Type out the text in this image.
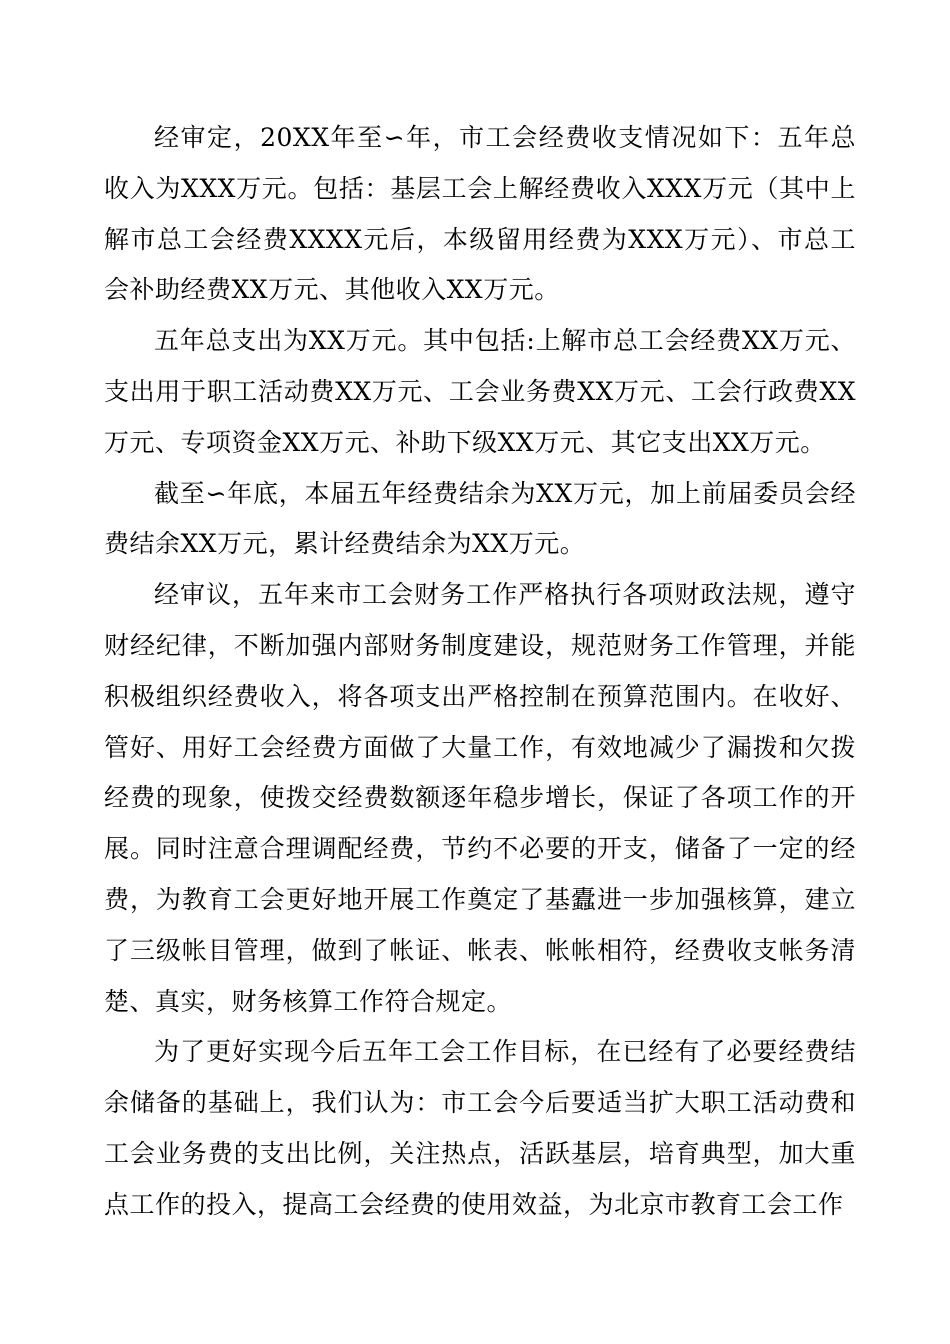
经审定，20XX年至∽年，市工会经费收支情况如下：五年总收入为XXX万元。包括：基层工会上解经费收入XXX万元（其中上解市总工会经费XXXX元后，本级留用经费为XXX万元）、市总工会补助经费XX万元、其他收入XX万元。

五年总支出为XX万元。其中包括:上解市总工会经费XX万元、支出用于职工活动费XX万元、工会业务费XX万元、工会行政费XX万元、专项资金XX万元、补助下级XX万元、其它支出XX万元。

截至∽年底，本届五年经费结余为XX万元，加上前届委员会经费结余XX万元，累计经费结余为XX万元。

经审议，五年来市工会财务工作严格执行各项财政法规，遵守财经纪律，不断加强内部财务制度建设，规范财务工作管理，并能积极组织经费收入，将各项支出严格控制在预算范围内。在收好、管好、用好工会经费方面做了大量工作，有效地减少了漏拨和欠拨经费的现象，使拨交经费数额逐年稳步增长，保证了各项工作的开展。同时注意合理调配经费，节约不必要的开支，储备了一定的经费，为教育工会更好地开展工作奠定了基蠹进一步加强核算，建立了三级帐目管理，做到了帐证、帐表、帐帐相符，经费收支帐务清楚、真实，财务核算工作符合规定。

为了更好实现今后五年工会工作目标，在已经有了必要经费结余储备的基础上，我们认为：市工会今后要适当扩大职工活动费和工会业务费的支出比例，关注热点，活跃基层，培育典型，加大重点工作的投入，提高工会经费的使用效益，为北京市教育工会工作
